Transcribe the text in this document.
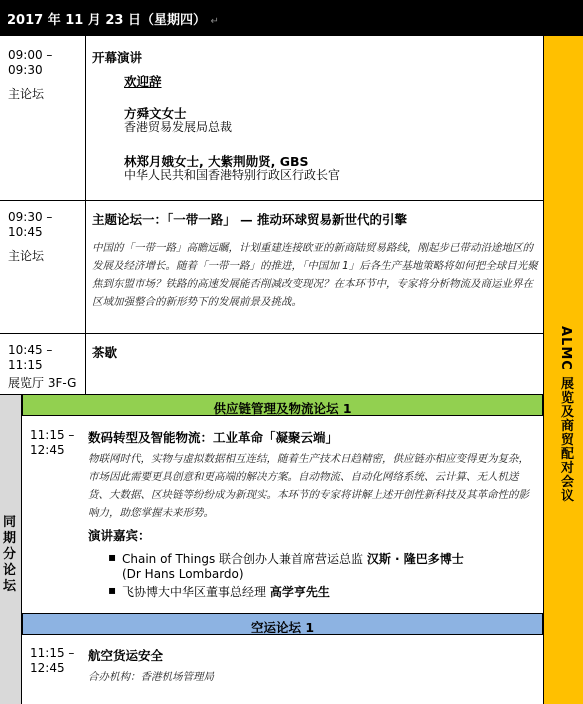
2017 年 11 月 23 日（星期四） ↵
ALMC 展览及商贸配对会议
09:00 –
09:30
主论坛
开幕演讲
欢迎辞
方舜文女士
香港贸易发展局总裁
林郑月娥女士, 大紫荆勋贤, GBS
中华人民共和国香港特别行政区行政长官
09:30 –
10:45
主论坛
主题论坛一：「一带一路」 — 推动环球贸易新世代的引擎
中国的「一带一路」高瞻远瞩，计划重建连接欧亚的新商陆贸易路线，刚起步已带动沿途地区的发展及经济增长。随着「一带一路」的推进，「中国加 1」后各生产基地策略将如何把全球目光聚焦到东盟市场？铁路的高速发展能否削减改变现况？在本环节中，专家将分析物流及商运业界在区域加强整合的新形势下的发展前景及挑战。
10:45 –
11:15
展览厅 3F-G
茶歇
同期分论坛
供应链管理及物流论坛 1
11:15 –
12:45
数码转型及智能物流：工业革命「凝聚云端」
物联网时代，实物与虚拟数据相互连结，随着生产技术日趋精密，供应链亦相应变得更为复杂，市场因此需要更具创意和更高端的解决方案。自动物流、自动化网络系统、云计算、无人机送货、大数据、区块链等纷纷成为新现实。本环节的专家将讲解上述开创性新科技及其革命性的影响力，助您掌握未来形势。
演讲嘉宾：
▪ Chain of Things 联合创办人兼首席营运总监 汉斯 · 隆巴多博士
(Dr Hans Lombardo)
▪ 飞协博大中华区董事总经理 高学亨先生
空运论坛 1
11:15 –
12:45
航空货运安全
合办机构：香港机场管理局
